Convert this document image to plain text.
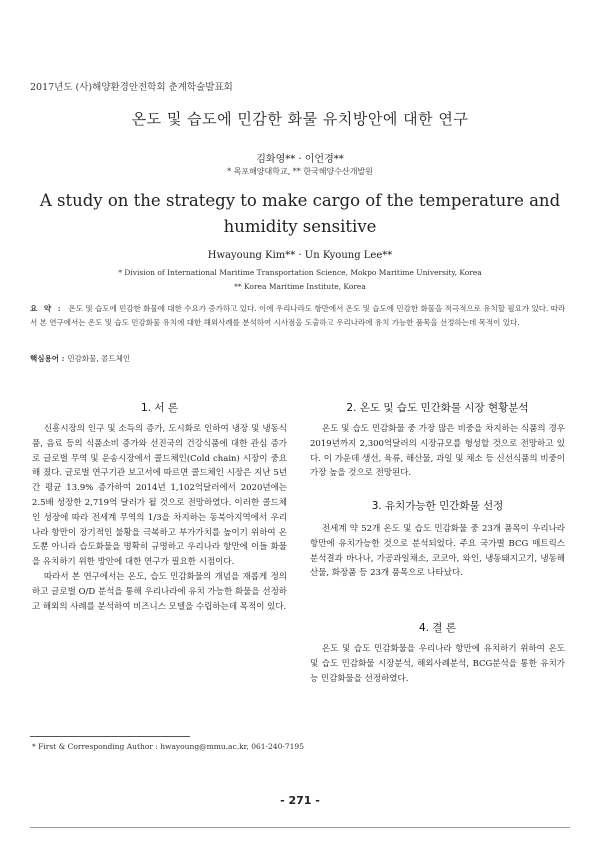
2017년도 (사)해양환경안전학회 춘계학술발표회
온도 및 습도에 민감한 화물 유치방안에 대한 연구
김화영** · 이언경**
* 목포해양대학교, ** 한국해양수산개발원
A study on the strategy to make cargo of the temperature and humidity sensitive
Hwayoung Kim** · Un Kyoung Lee**
* Division of International Maritime Transportation Science, Mokpo Maritime University, Korea
** Korea Maritime Institute, Korea
요 약 : 온도 및 습도에 민감한 화물에 대한 수요가 증가하고 있다. 이에 우리나라도 항만에서 온도 및 습도에 민감한 화물을 적극적으로 유치할 필요가 있다. 따라서 본 연구에서는 온도 및 습도 민감화물 유치에 대한 해외사례를 분석하여 시사점을 도출하고 우리나라에 유치 가능한 품목을 선정하는데 목적이 있다.
핵심용어 : 민감화물, 콜드체인
1. 서 론

신흥시장의 인구 및 소득의 증가, 도시화로 인하여 냉장 및 냉동식품, 음료 등의 식품소비 증가와 선진국의 건강식품에 대한 관심 증가로 글로벌 무역 및 운송시장에서 콜드체인(Cold chain) 시장이 중요해 졌다. 글로벌 연구기관 보고서에 따르면 콜드체인 시장은 지난 5년간 평균 13.9% 증가하여 2014년 1,102억달러에서 2020년에는 2.5배 성장한 2,719억 달러가 될 것으로 전망하였다. 이러한 콜드체인 성장에 따라 전세계 무역의 1/3을 차지하는 동북아지역에서 우리나라 항만이 장기적인 불황을 극복하고 부가가치를 높이기 위하여 온도뿐 아니라 습도화물을 명확히 규명하고 우리나라 항만에 이들 화물을 유치하기 위한 방안에 대한 연구가 필요한 시점이다.

따라서 본 연구에서는 온도, 습도 민감화물의 개념을 재롭게 정의하고 글로벌 O/D 분석을 통해 우리나라에 유치 가능한 화물을 선정하고 해외의 사례를 분석하여 비즈니스 모델을 수립하는데 목적이 있다.

2. 온도 및 습도 민간화물 시장 현황분석

온도 및 습도 민감화물 중 가장 많은 비중을 차지하는 식품의 경우 2019년까지 2,300억달러의 시장규모를 형성할 것으로 전망하고 있다. 이 가운데 생선, 육류, 해산물, 과일 및 채소 등 신선식품의 비중이 가장 높을 것으로 전망된다.

3. 유치가능한 민간화물 선정

전세계 약 52개 온도 및 습도 민감화물 중 23개 품목이 우리나라 항만에 유치가능한 것으로 분석되었다. 주요 국가별 BCG 매트릭스 분석결과 바나나, 가공과일채소, 코코아, 와인, 냉동돼지고기, 냉동해산물, 화장품 등 23개 품목으로 나타났다.

4. 결 론

온도 및 습도 민감화물을 우리나라 항만에 유치하기 위하여 온도 및 습도 민감화물 시장분석, 해외사례분석, BCG분석을 통한 유치가능 민감화물을 선정하였다.

* First & Corresponding Author : hwayoung@mmu.ac.kr, 061-240-7195
- 271 -
